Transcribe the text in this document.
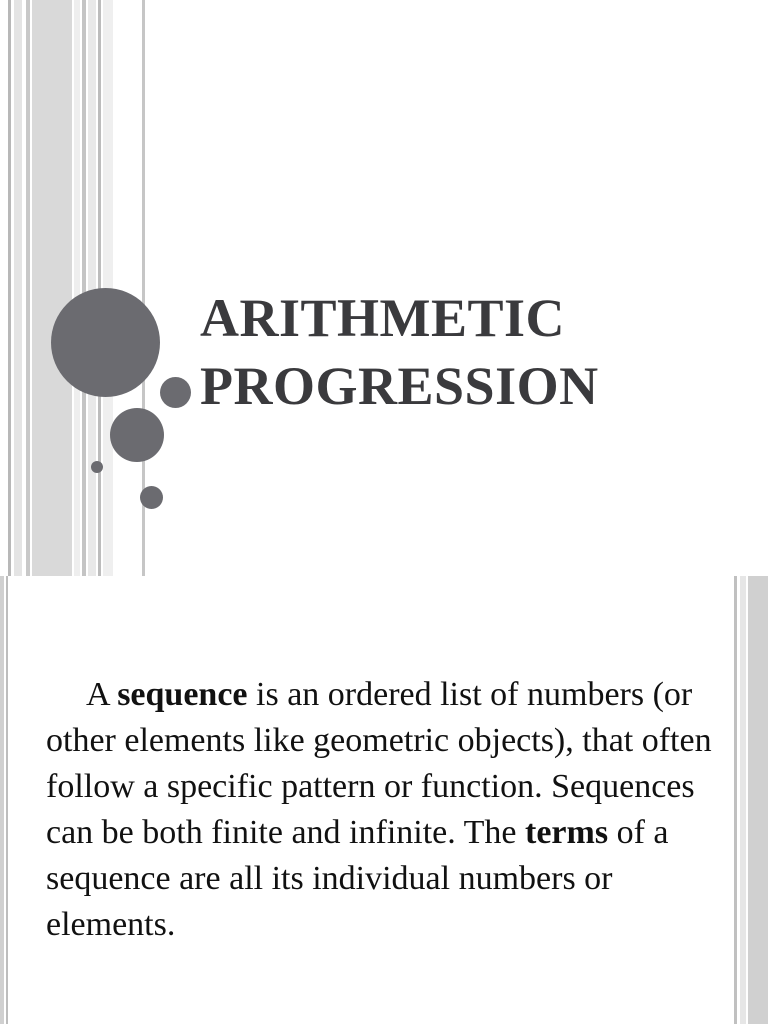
ARITHMETIC
PROGRESSION

A sequence is an ordered list of numbers (or other elements like geometric objects), that often follow a specific pattern or function. Sequences can be both finite and infinite. The terms of a sequence are all its individual numbers or elements.
